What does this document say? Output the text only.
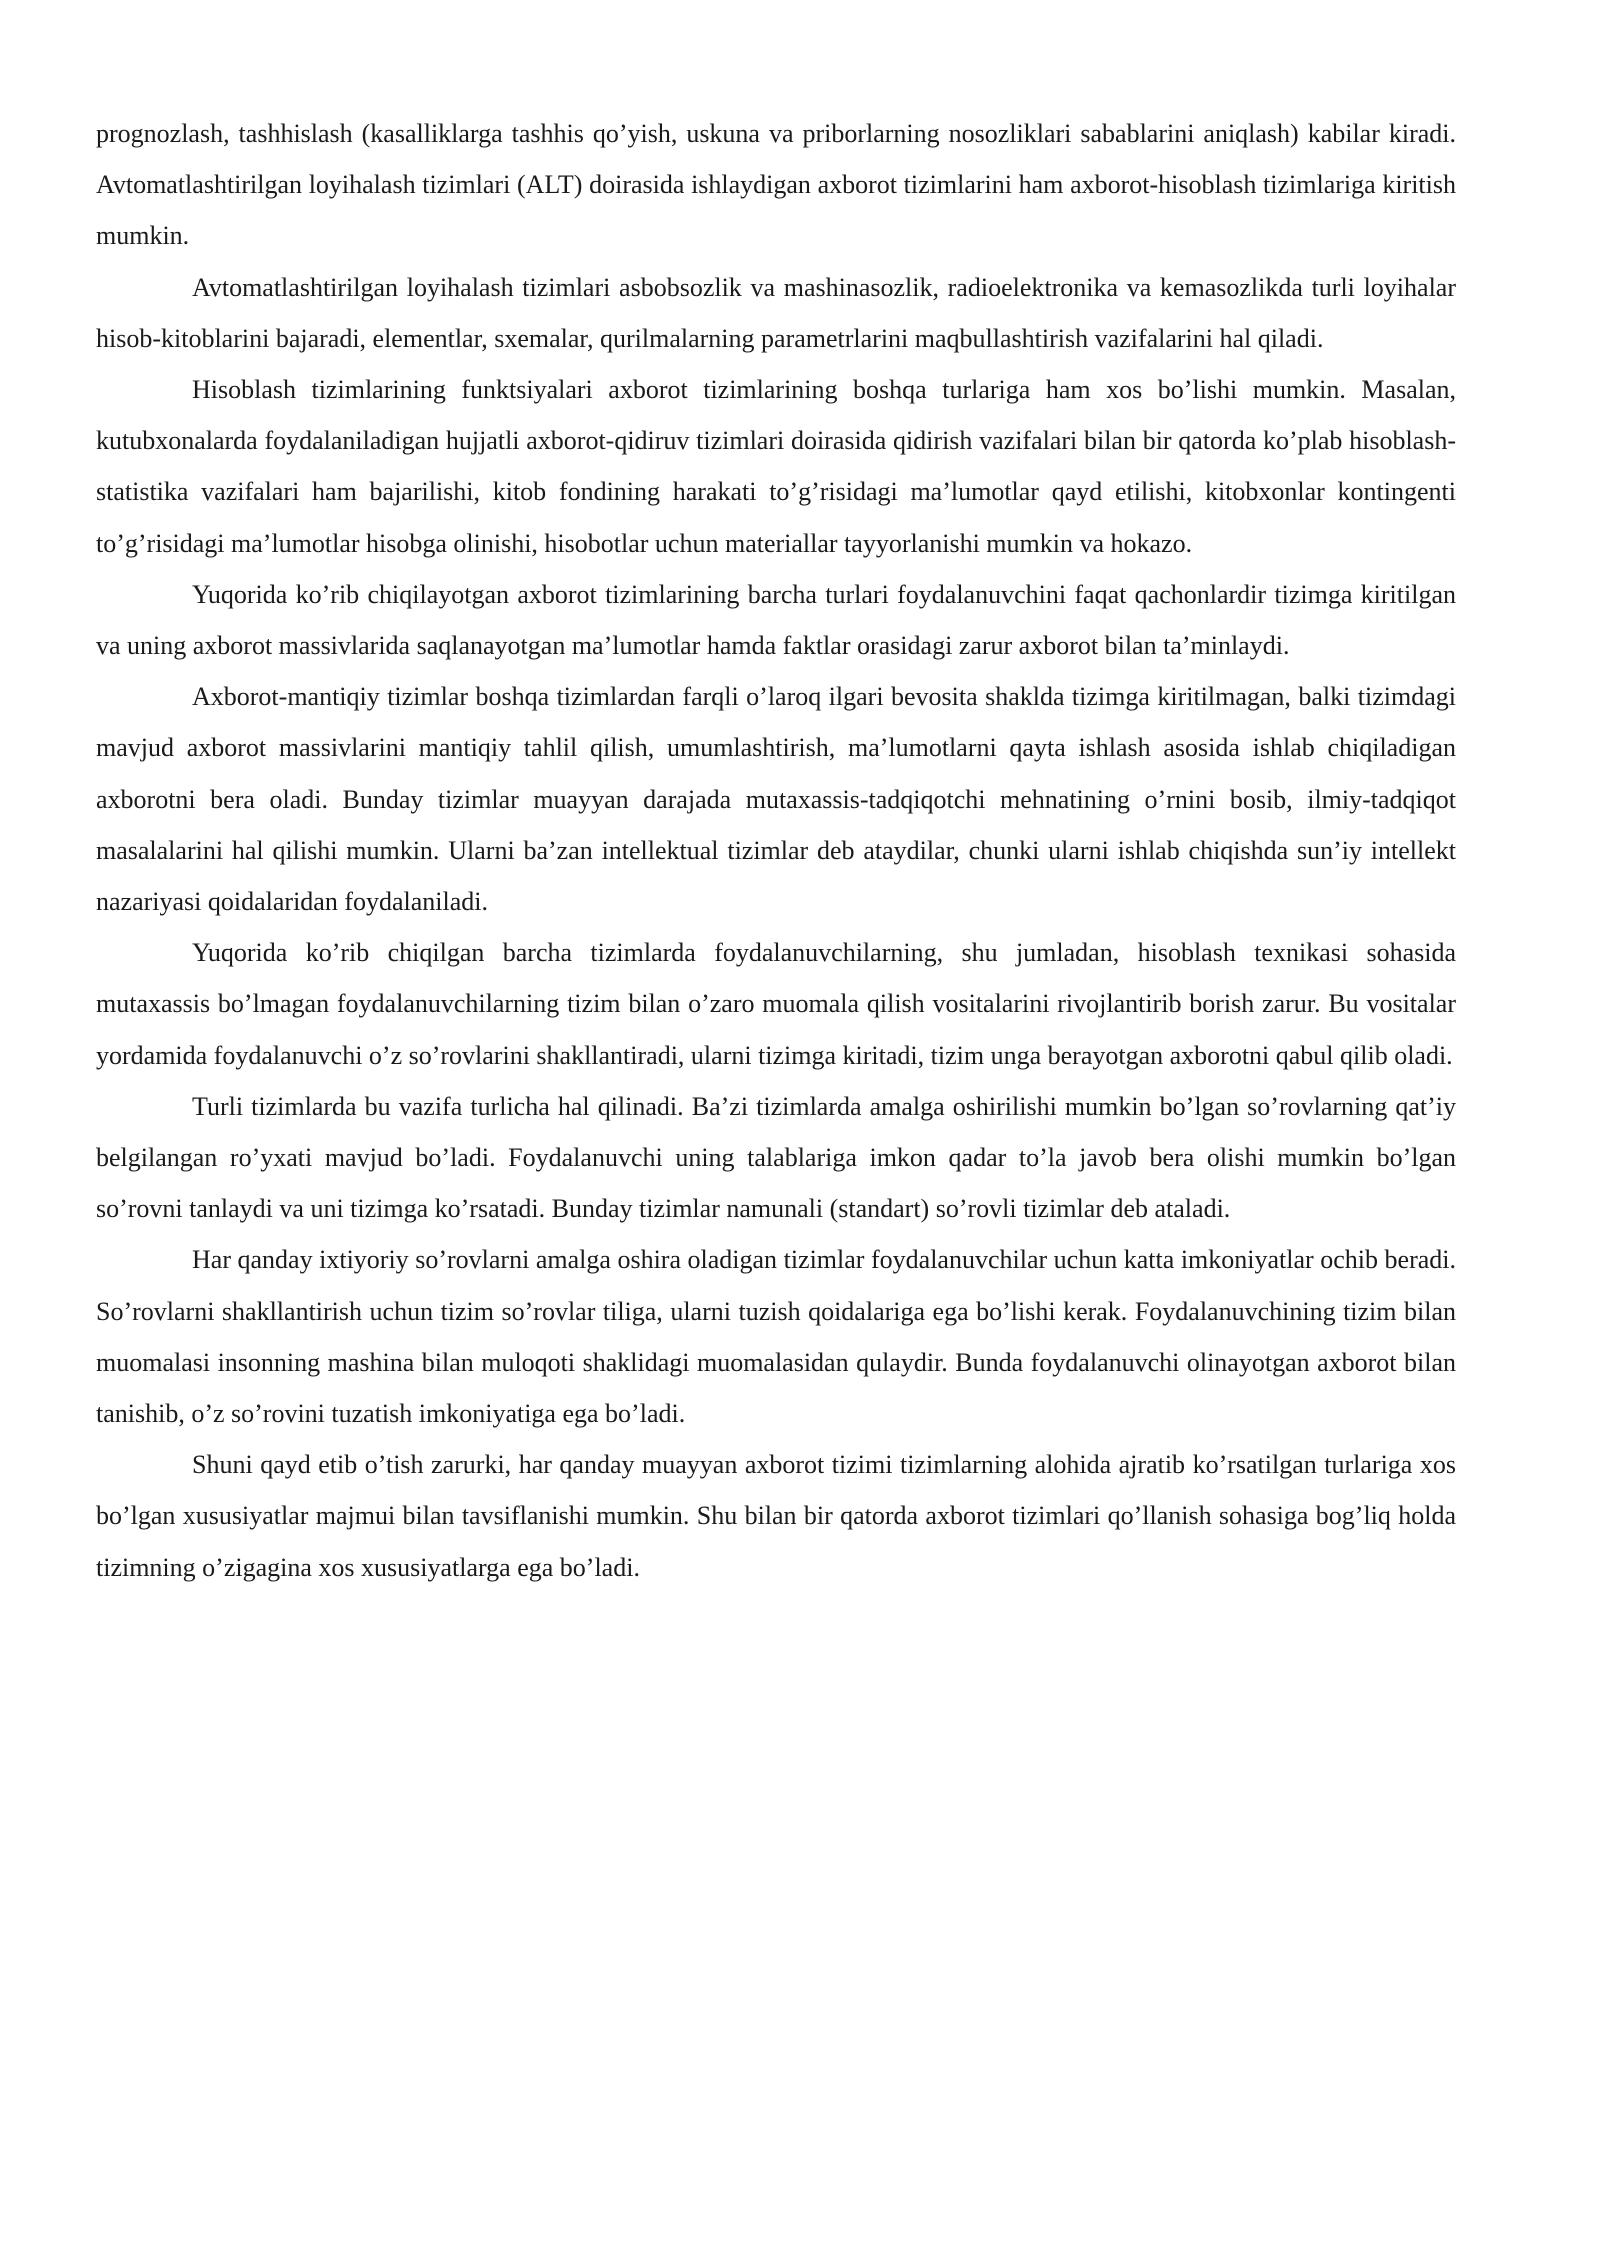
prognozlash, tashhislash (kasalliklarga tashhis qo’yish, uskuna va priborlarning nosozliklari sabablarini aniqlash) kabilar kiradi. Avtomatlashtirilgan loyihalash tizimlari (ALT) doirasida ishlaydigan axborot tizimlarini ham axborot-hisoblash tizimlariga kiritish mumkin.

Avtomatlashtirilgan loyihalash tizimlari asbobsozlik va mashinasozlik, radioelektronika va kemasozlikda turli loyihalar hisob-kitoblarini bajaradi, elementlar, sxemalar, qurilmalarning parametrlarini maqbullashtirish vazifalarini hal qiladi.

Hisoblash tizimlarining funktsiyalari axborot tizimlarining boshqa turlariga ham xos bo’lishi mumkin. Masalan, kutubxonalarda foydalaniladigan hujjatli axborot-qidiruv tizimlari doirasida qidirish vazifalari bilan bir qatorda ko’plab hisoblash-statistika vazifalari ham bajarilishi, kitob fondining harakati to’g’risidagi ma’lumotlar qayd etilishi, kitobxonlar kontingenti to’g’risidagi ma’lumotlar hisobga olinishi, hisobotlar uchun materiallar tayyorlanishi mumkin va hokazo.

Yuqorida ko’rib chiqilayotgan axborot tizimlarining barcha turlari foydalanuvchini faqat qachonlardir tizimga kiritilgan va uning axborot massivlarida saqlanayotgan ma’lumotlar hamda faktlar orasidagi zarur axborot bilan ta’minlaydi.

Axborot-mantiqiy tizimlar boshqa tizimlardan farqli o’laroq ilgari bevosita shaklda tizimga kiritilmagan, balki tizimdagi mavjud axborot massivlarini mantiqiy tahlil qilish, umumlashtirish, ma’lumotlarni qayta ishlash asosida ishlab chiqiladigan axborotni bera oladi. Bunday tizimlar muayyan darajada mutaxassis-tadqiqotchi mehnatining o’rnini bosib, ilmiy-tadqiqot masalalarini hal qilishi mumkin. Ularni ba’zan intellektual tizimlar deb ataydilar, chunki ularni ishlab chiqishda sun’iy intellekt nazariyasi qoidalaridan foydalaniladi.

Yuqorida ko’rib chiqilgan barcha tizimlarda foydalanuvchilarning, shu jumladan, hisoblash texnikasi sohasida mutaxassis bo’lmagan foydalanuvchilarning tizim bilan o’zaro muomala qilish vositalarini rivojlantirib borish zarur. Bu vositalar yordamida foydalanuvchi o’z so’rovlarini shakllantiradi, ularni tizimga kiritadi, tizim unga berayotgan axborotni qabul qilib oladi.

Turli tizimlarda bu vazifa turlicha hal qilinadi. Ba’zi tizimlarda amalga oshirilishi mumkin bo’lgan so’rovlarning qat’iy belgilangan ro’yxati mavjud bo’ladi. Foydalanuvchi uning talablariga imkon qadar to’la javob bera olishi mumkin bo’lgan so’rovni tanlaydi va uni tizimga ko’rsatadi. Bunday tizimlar namunali (standart) so’rovli tizimlar deb ataladi.

Har qanday ixtiyoriy so’rovlarni amalga oshira oladigan tizimlar foydalanuvchilar uchun katta imkoniyatlar ochib beradi. So’rovlarni shakllantirish uchun tizim so’rovlar tiliga, ularni tuzish qoidalariga ega bo’lishi kerak. Foydalanuvchining tizim bilan muomalasi insonning mashina bilan muloqoti shaklidagi muomalasidan qulaydir. Bunda foydalanuvchi olinayotgan axborot bilan tanishib, o’z so’rovini tuzatish imkoniyatiga ega bo’ladi.

Shuni qayd etib o’tish zarurki, har qanday muayyan axborot tizimi tizimlarning alohida ajratib ko’rsatilgan turlariga xos bo’lgan xususiyatlar majmui bilan tavsiflanishi mumkin. Shu bilan bir qatorda axborot tizimlari qo’llanish sohasiga bog’liq holda tizimning o’zigagina xos xususiyatlarga ega bo’ladi.
